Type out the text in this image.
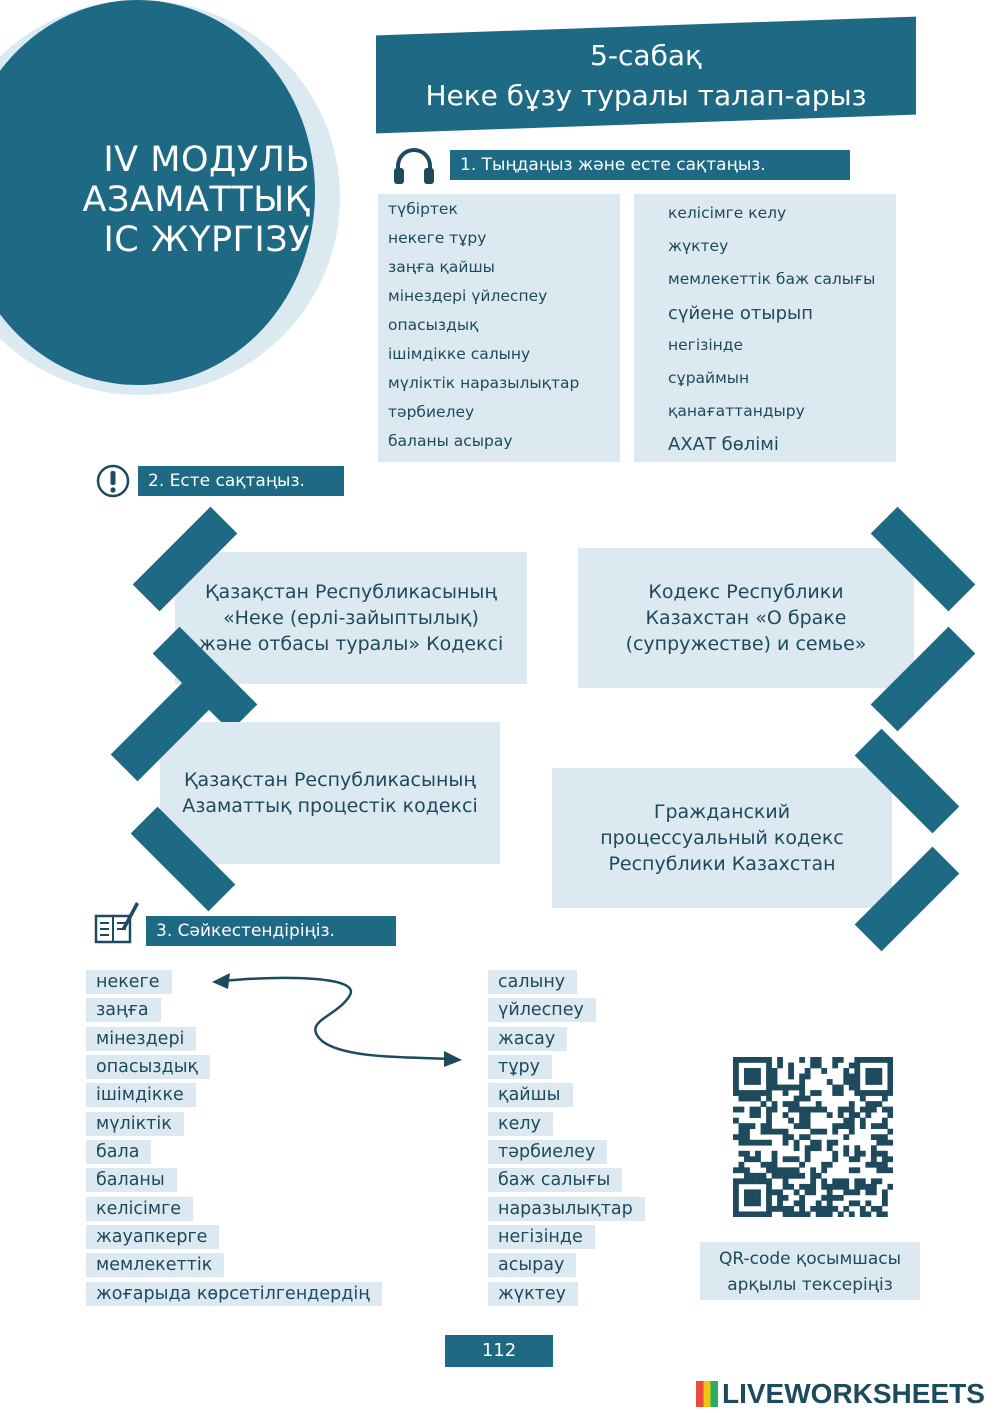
IV МОДУЛЬ
АЗАМАТТЫҚ
ІС ЖҮРГІЗУ
5-сабақ
Неке бұзу туралы талап-арыз
1. Тыңдаңыз және есте сақтаңыз.
түбіртек
некеге тұру
заңға қайшы
мінездері үйлеспеу
опасыздық
ішімдікке салыну
мүліктік наразылықтар
тәрбиелеу
баланы асырау
келісімге келу
жүктеу
мемлекеттік баж салығы
сүйене отырып
негізінде
сұраймын
қанағаттандыру
АХАТ бөлімі
2. Есте сақтаңыз.
Қазақстан Республикасының «Неке (ерлі-зайыптылық) және отбасы туралы» Кодексі
Кодекс Республики Казахстан «О браке (супружестве) и семье»
Қазақстан Республикасының Азаматтық процестік кодексі	Гражданский процессуальный кодекс Республики Казахстан
3. Сәйкестендіріңіз.
некеге
заңға
мінездері
опасыздық
ішімдікке
мүліктік
бала
баланы
келісімге
жауапкерге
мемлекеттік
жоғарыда көрсетілгендердің
салыну
үйлеспеу
жасау
тұру
қайшы
келу
тәрбиелеу
баж салығы
наразылықтар
негізінде
асырау
жүктеу
QR-code қосымшасы арқылы тексеріңіз
112
LIVEWORKSHEETS
